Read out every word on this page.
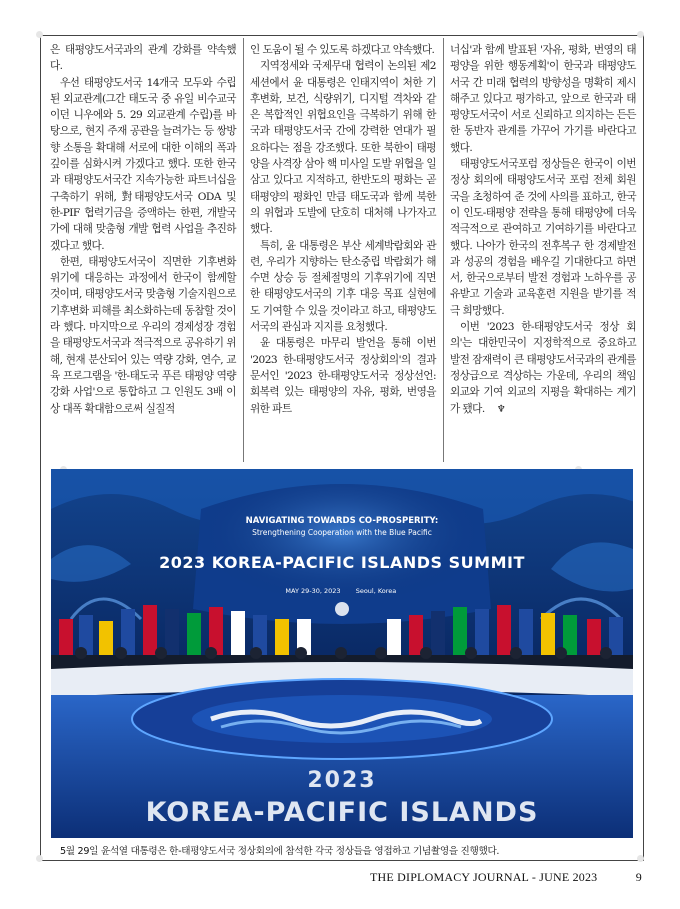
은 태평양도서국과의 관계 강화를 약속했다.

우선 태평양도서국 14개국 모두와 수립된 외교관계(그간 태도국 중 유일 비수교국이던 니우에와 5. 29 외교관계 수립)를 바탕으로, 현지 주재 공관을 늘려가는 등 쌍방향 소통을 확대해 서로에 대한 이해의 폭과 깊이를 심화시켜 가겠다고 했다. 또한 한국과 태평양도서국간 지속가능한 파트너십을 구축하기 위해, 對태평양도서국 ODA 및 한-PIF 협력기금을 증액하는 한편, 개발국가에 대해 맞춤형 개발 협력 사업을 추진하겠다고 했다.

한편, 태평양도서국이 직면한 기후변화 위기에 대응하는 과정에서 한국이 함께할 것이며, 태평양도서국 맞춤형 기술지원으로 기후변화 피해를 최소화하는데 동참할 것이라 했다. 마지막으로 우리의 경제성장 경험을 태평양도서국과 적극적으로 공유하기 위해, 현재 분산되어 있는 역량 강화, 연수, 교육 프로그램을 '한-태도국 푸른 태평양 역량강화 사업'으로 통합하고 그 인원도 3배 이상 대폭 확대함으로써 실질적

인 도움이 될 수 있도록 하겠다고 약속했다.

지역정세와 국제무대 협력이 논의된 제2세션에서 윤 대통령은 인태지역이 처한 기후변화, 보건, 식량위기, 디지털 격차와 같은 복합적인 위협요인을 극복하기 위해 한국과 태평양도서국 간에 강력한 연대가 필요하다는 점을 강조했다. 또한 북한이 태평양을 사격장 삼아 핵 미사일 도발 위협을 일삼고 있다고 지적하고, 한반도의 평화는 곧 태평양의 평화인 만큼 태도국과 함께 북한의 위협과 도발에 단호히 대처해 나가자고 했다.

특히, 윤 대통령은 부산 세계박람회와 관련, 우리가 지향하는 탄소중립 박람회가 해수면 상승 등 절체절명의 기후위기에 직면한 태평양도서국의 기후 대응 목표 실현에도 기여할 수 있을 것이라고 하고, 태평양도서국의 관심과 지지를 요청했다.

윤 대통령은 마무리 발언을 통해 이번 '2023 한-태평양도서국 정상회의'의 결과 문서인 '2023 한-태평양도서국 정상선언: 회복력 있는 태평양의 자유, 평화, 번영을 위한 파트

너십'과 함께 발표된 '자유, 평화, 번영의 태평양을 위한 행동계획'이 한국과 태평양도서국 간 미래 협력의 방향성을 명확히 제시해주고 있다고 평가하고, 앞으로 한국과 태평양도서국이 서로 신뢰하고 의지하는 든든한 동반자 관계를 가꾸어 가기를 바란다고 했다.

태평양도서국포럼 정상들은 한국이 이번 정상 회의에 태평양도서국 포럼 전체 회원국을 초청하여 준 것에 사의를 표하고, 한국이 인도-태평양 전략을 통해 태평양에 더욱 적극적으로 관여하고 기여하기를 바란다고 했다. 나아가 한국의 전후복구 한 경제발전과 성공의 경험을 배우길 기대한다고 하면서, 한국으로부터 발전 경험과 노하우를 공유받고 기술과 교육훈련 지원을 받기를 적극 희망했다.

이번 '2023 한-태평양도서국 정상 회의'는 대한민국이 지정학적으로 중요하고 발전 잠재력이 큰 태평양도서국과의 관계를 정상급으로 격상하는 가운데, 우리의 책임 외교와 기여 외교의 지평을 확대하는 계기가 됐다. ♆

NAVIGATING TOWARDS CO-PROSPERITY:
Strengthening Cooperation with the Blue Pacific
2023 KOREA-PACIFIC ISLANDS SUMMIT
MAY 29-30, 2023 Seoul, Korea
2023
KOREA-PACIFIC ISLANDS
5월 29일 윤석열 대통령은 한-태평양도서국 정상회의에 참석한 각국 정상들을 영접하고 기념촬영을 진행했다.
THE DIPLOMACY JOURNAL - JUNE 2023	9
